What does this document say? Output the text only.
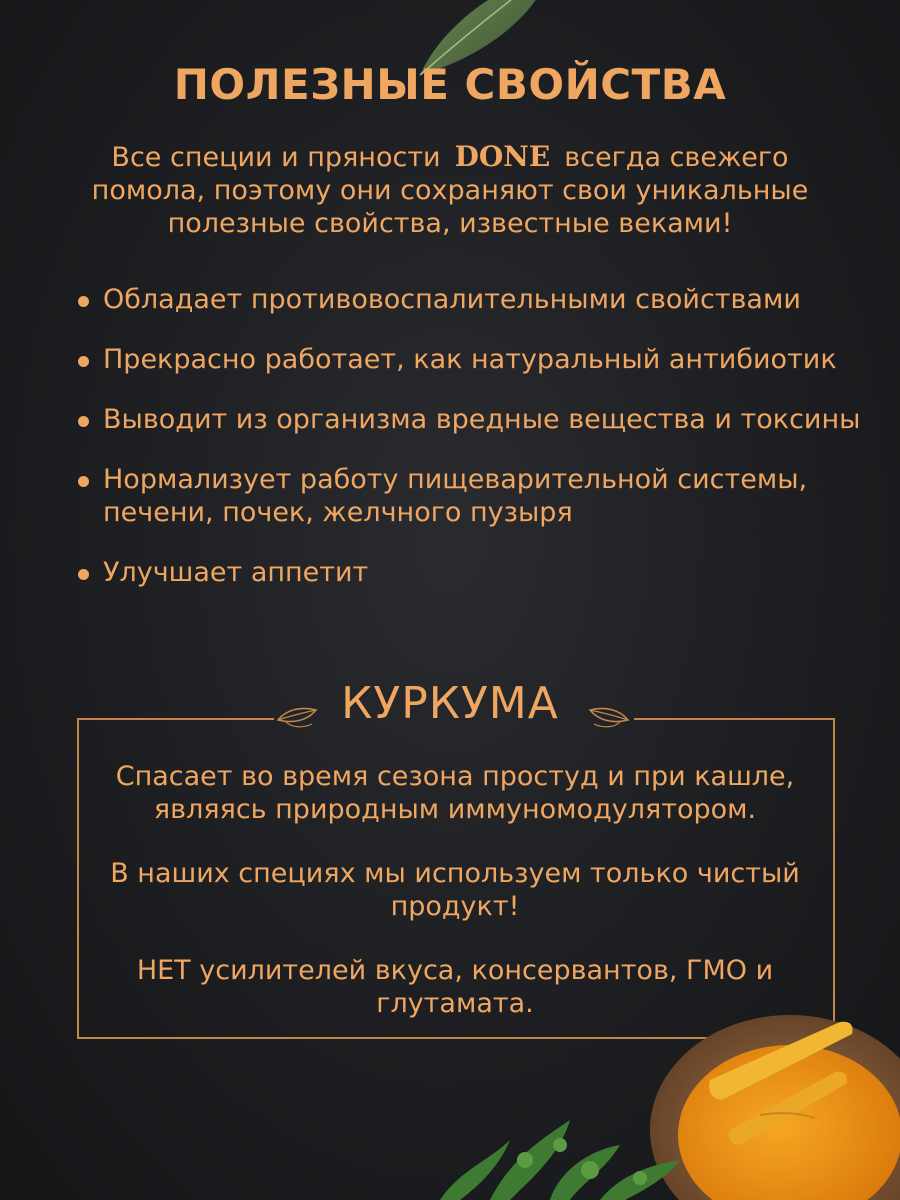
ПОЛЕЗНЫЕ СВОЙСТВА
Все специи и пряности DONE всегда свежего помола, поэтому они сохраняют свои уникальные полезные свойства, известные веками!
Обладает противовоспалительными свойствами
Прекрасно работает, как натуральный антибиотик
Выводит из организма вредные вещества и токсины
Нормализует работу пищеварительной системы, печени, почек, желчного пузыря
Улучшает аппетит
КУРКУМА

Спасает во время сезона простуд и при кашле, являясь природным иммуномодулятором.

В наших специях мы используем только чистый продукт!

НЕТ усилителей вкуса, консервантов, ГМО и глутамата.
